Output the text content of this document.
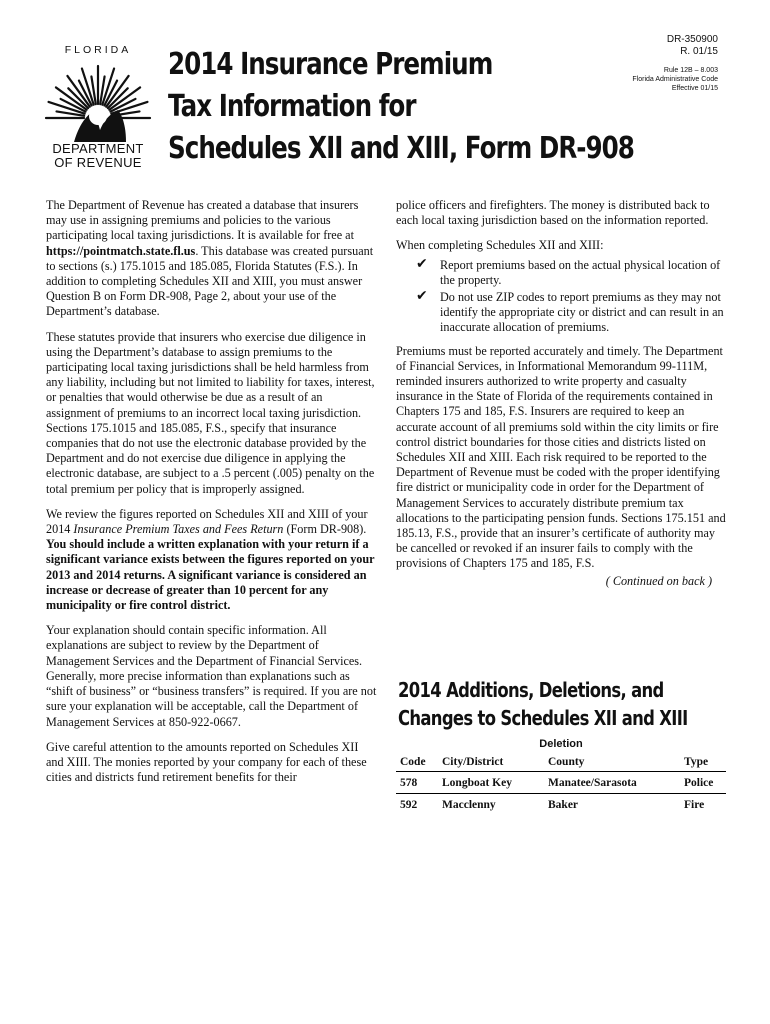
FLORIDA
DEPARTMENT
OF REVENUE
2014 Insurance Premium
Tax Information for
Schedules XII and XIII, Form DR-908
DR-350900
R. 01/15
Rule 12B – 8.003
Florida Administrative Code
Effective 01/15

The Department of Revenue has created a database that insurers may use in assigning premiums and policies to the various participating local taxing jurisdictions. It is available for free at https://pointmatch.state.fl.us. This database was created pursuant to sections (s.) 175.1015 and 185.085, Florida Statutes (F.S.). In addition to completing Schedules XII and XIII, you must answer Question B on Form DR-908, Page 2, about your use of the Department’s database.

These statutes provide that insurers who exercise due diligence in using the Department’s database to assign premiums to the participating local taxing jurisdictions shall be held harmless from any liability, including but not limited to liability for taxes, interest, or penalties that would otherwise be due as a result of an assignment of premiums to an incorrect local taxing jurisdiction. Sections 175.1015 and 185.085, F.S., specify that insurance companies that do not use the electronic database provided by the Department and do not exercise due diligence in applying the electronic database, are subject to a .5 percent (.005) penalty on the total premium per policy that is improperly assigned.

We review the figures reported on Schedules XII and XIII of your 2014 Insurance Premium Taxes and Fees Return (Form DR-908). You should include a written explanation with your return if a significant variance exists between the figures reported on your 2013 and 2014 returns. A significant variance is considered an increase or decrease of greater than 10 percent for any municipality or fire control district.

Your explanation should contain specific information. All explanations are subject to review by the Department of Management Services and the Department of Financial Services. Generally, more precise information than explanations such as “shift of business” or “business transfers” is required. If you are not sure your explanation will be acceptable, call the Department of Management Services at 850-922-0667.

Give careful attention to the amounts reported on Schedules XII and XIII. The monies reported by your company for each of these cities and districts fund retirement benefits for their

police officers and firefighters. The money is distributed back to each local taxing jurisdiction based on the information reported.

When completing Schedules XII and XIII:

✔ Report premiums based on the actual physical location of the property.
✔ Do not use ZIP codes to report premiums as they may not identify the appropriate city or district and can result in an inaccurate allocation of premiums.

Premiums must be reported accurately and timely. The Department of Financial Services, in Informational Memorandum 99-111M, reminded insurers authorized to write property and casualty insurance in the State of Florida of the requirements contained in Chapters 175 and 185, F.S. Insurers are required to keep an accurate account of all premiums sold within the city limits or fire control district boundaries for those cities and districts listed on Schedules XII and XIII. Each risk required to be reported to the Department of Revenue must be coded with the proper identifying fire district or municipality code in order for the Department of Management Services to accurately distribute premium tax allocations to the participating pension funds. Sections 175.151 and 185.13, F.S., provide that an insurer’s certificate of authority may be cancelled or revoked if an insurer fails to comply with the provisions of Chapters 175 and 185, F.S.

( Continued on back )
2014 Additions, Deletions, and
Changes to Schedules XII and XIII
Deletion
Code	City/District	County	Type
578	Longboat Key	Manatee/Sarasota	Police
592	Macclenny	Baker	Fire
